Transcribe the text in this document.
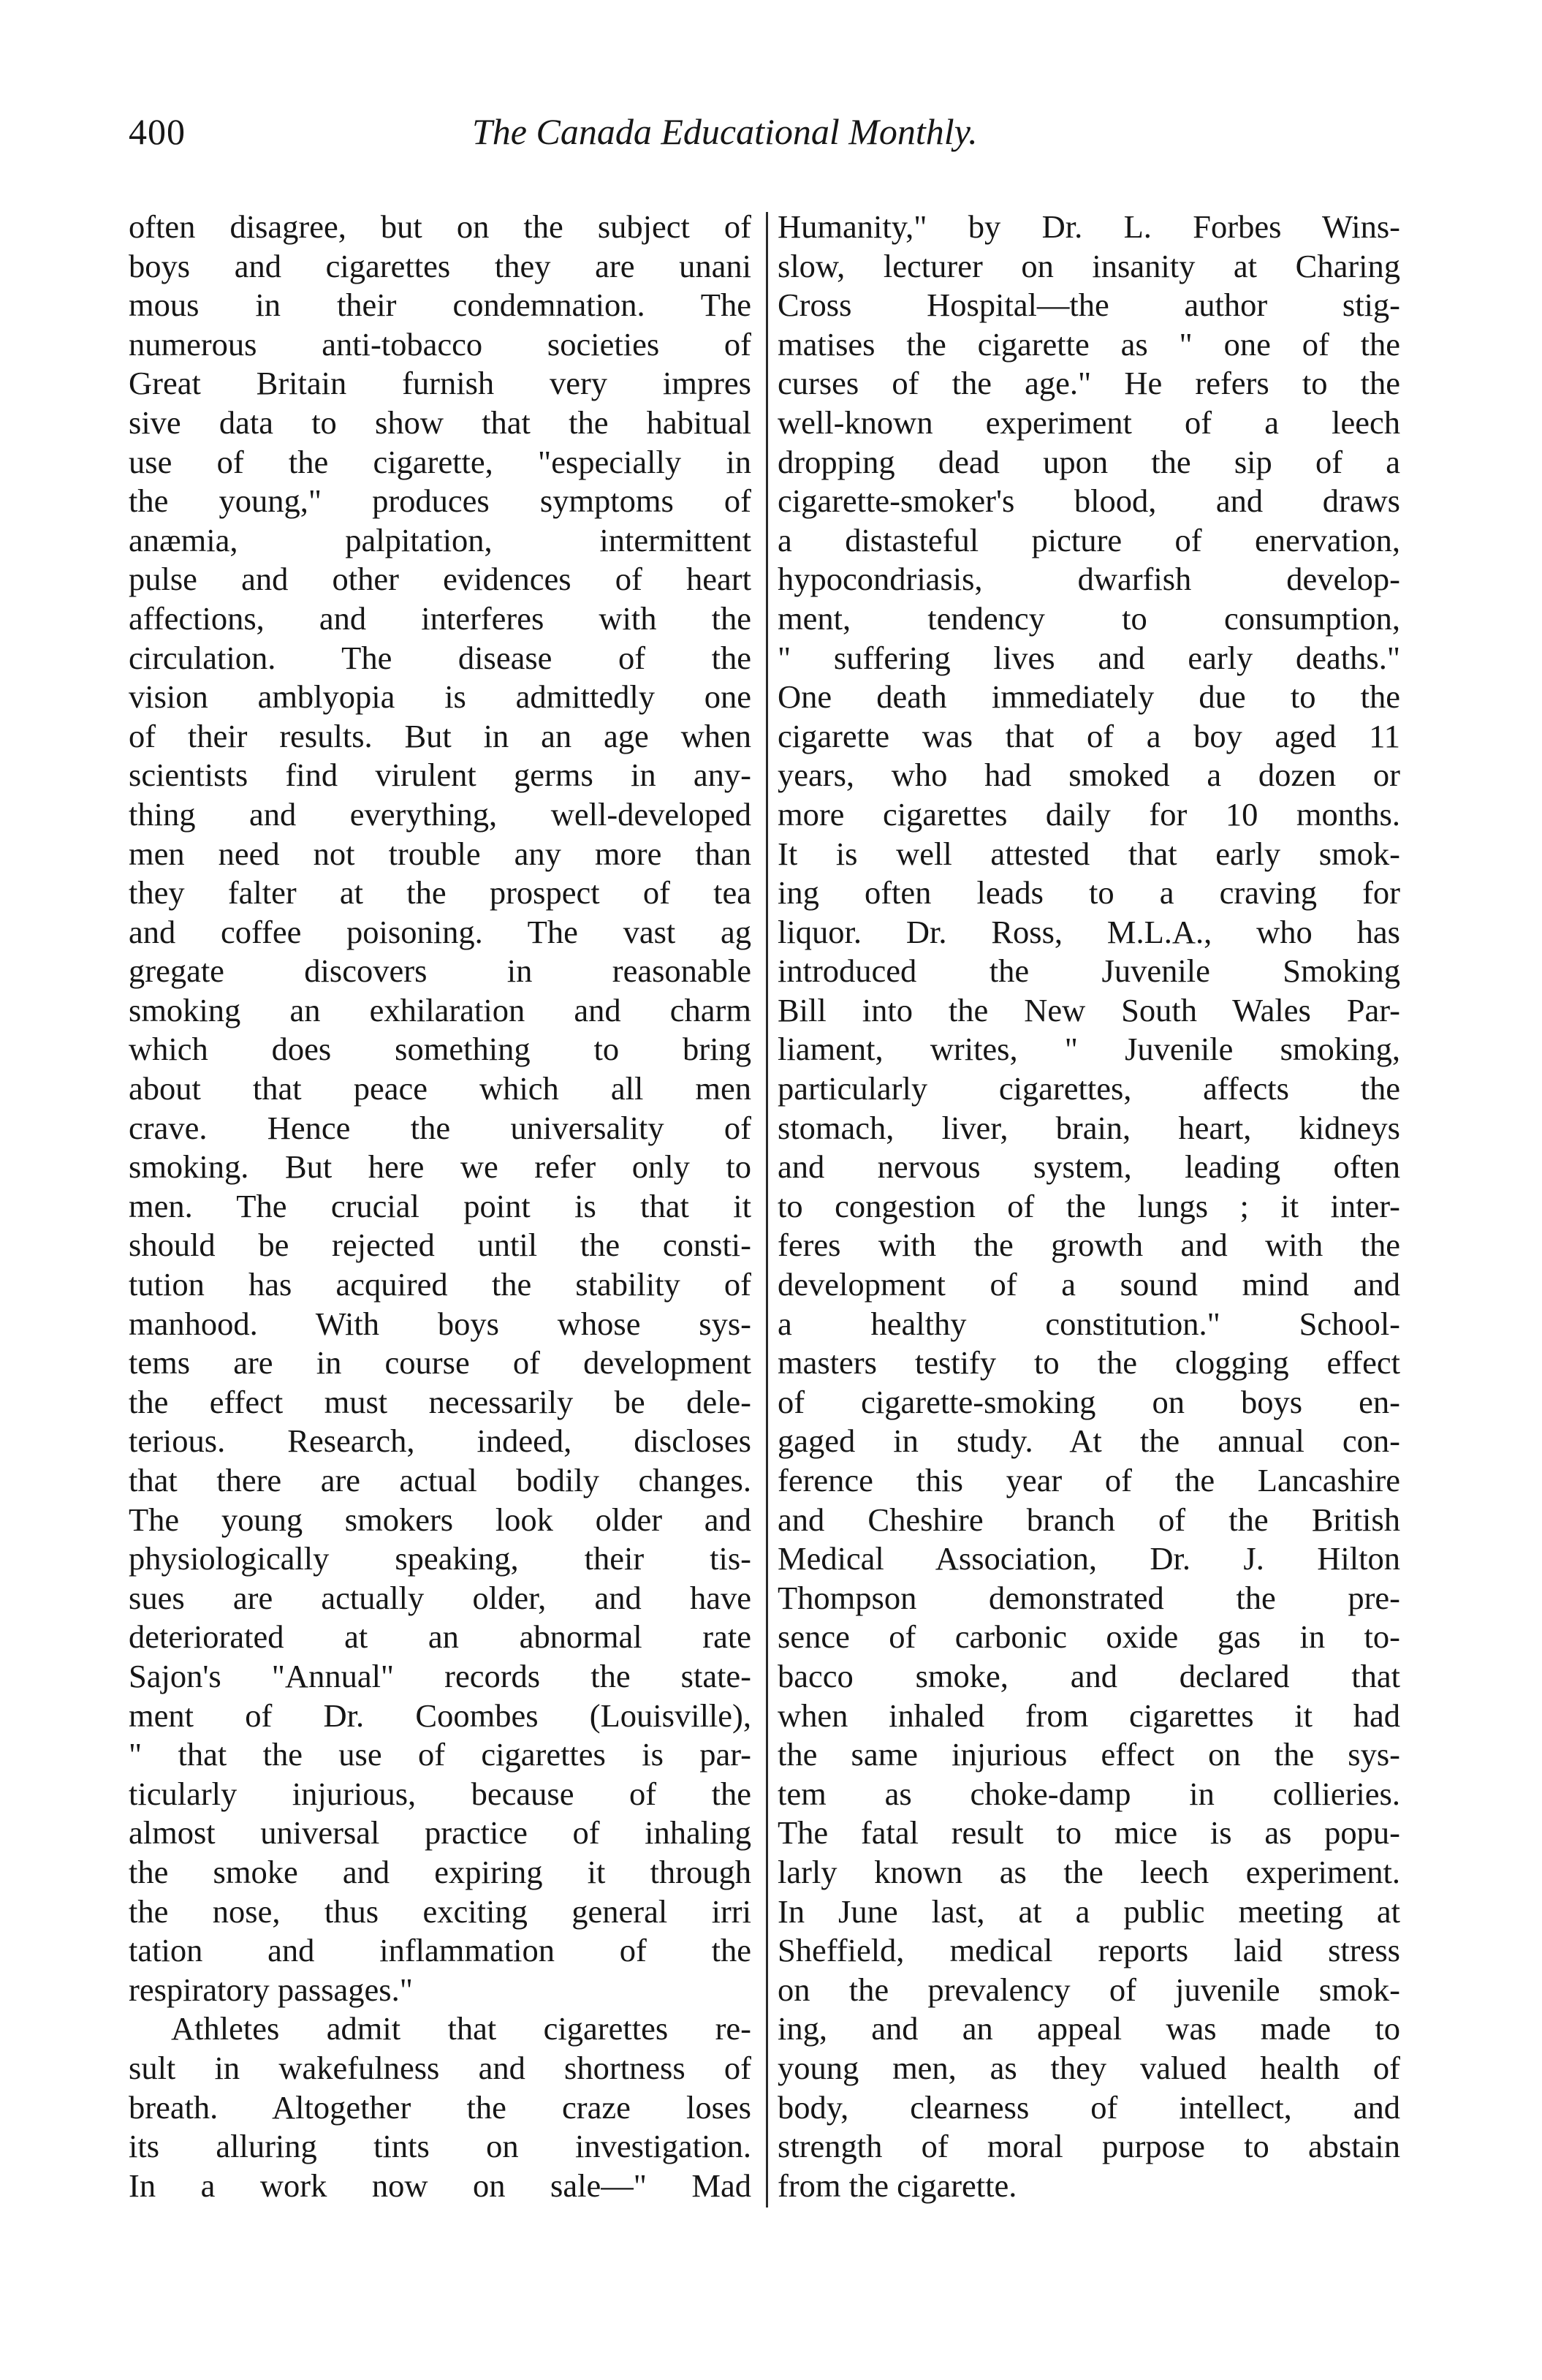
400	The Canada Educational Monthly.
often disagree, but on the subject of
boys and cigarettes they are unani
mous in their condemnation. The
numerous anti-tobacco societies of
Great Britain furnish very impres
sive data to show that the habitual
use of the cigarette, "especially in
the young," produces symptoms of
anæmia, palpitation, intermittent
pulse and other evidences of heart
affections, and interferes with the
circulation. The disease of the
vision amblyopia is admittedly one
of their results. But in an age when
scientists find virulent germs in any-
thing and everything, well-developed
men need not trouble any more than
they falter at the prospect of tea
and coffee poisoning. The vast ag
gregate discovers in reasonable
smoking an exhilaration and charm
which does something to bring
about that peace which all men
crave. Hence the universality of
smoking. But here we refer only to
men. The crucial point is that it
should be rejected until the consti-
tution has acquired the stability of
manhood. With boys whose sys-
tems are in course of development
the effect must necessarily be dele-
terious. Research, indeed, discloses
that there are actual bodily changes.
The young smokers look older and
physiologically speaking, their tis-
sues are actually older, and have
deteriorated at an abnormal rate
Sajon's "Annual" records the state-
ment of Dr. Coombes (Louisville),
" that the use of cigarettes is par-
ticularly injurious, because of the
almost universal practice of inhaling
the smoke and expiring it through
the nose, thus exciting general irri
tation and inflammation of the
respiratory passages."
Athletes admit that cigarettes re-
sult in wakefulness and shortness of
breath. Altogether the craze loses
its alluring tints on investigation.
In a work now on sale—" Mad
Humanity," by Dr. L. Forbes Wins-
slow, lecturer on insanity at Charing
Cross Hospital—the author stig-
matises the cigarette as " one of the
curses of the age." He refers to the
well-known experiment of a leech
dropping dead upon the sip of a
cigarette-smoker's blood, and draws
a distasteful picture of enervation,
hypocondriasis, dwarfish develop-
ment, tendency to consumption,
" suffering lives and early deaths."
One death immediately due to the
cigarette was that of a boy aged 11
years, who had smoked a dozen or
more cigarettes daily for 10 months.
It is well attested that early smok-
ing often leads to a craving for
liquor. Dr. Ross, M.L.A., who has
introduced the Juvenile Smoking
Bill into the New South Wales Par-
liament, writes, " Juvenile smoking,
particularly cigarettes, affects the
stomach, liver, brain, heart, kidneys
and nervous system, leading often
to congestion of the lungs ; it inter-
feres with the growth and with the
development of a sound mind and
a healthy constitution." School-
masters testify to the clogging effect
of cigarette-smoking on boys en-
gaged in study. At the annual con-
ference this year of the Lancashire
and Cheshire branch of the British
Medical Association, Dr. J. Hilton
Thompson demonstrated the pre-
sence of carbonic oxide gas in to-
bacco smoke, and declared that
when inhaled from cigarettes it had
the same injurious effect on the sys-
tem as choke-damp in collieries.
The fatal result to mice is as popu-
larly known as the leech experiment.
In June last, at a public meeting at
Sheffield, medical reports laid stress
on the prevalency of juvenile smok-
ing, and an appeal was made to
young men, as they valued health of
body, clearness of intellect, and
strength of moral purpose to abstain
from the cigarette.
